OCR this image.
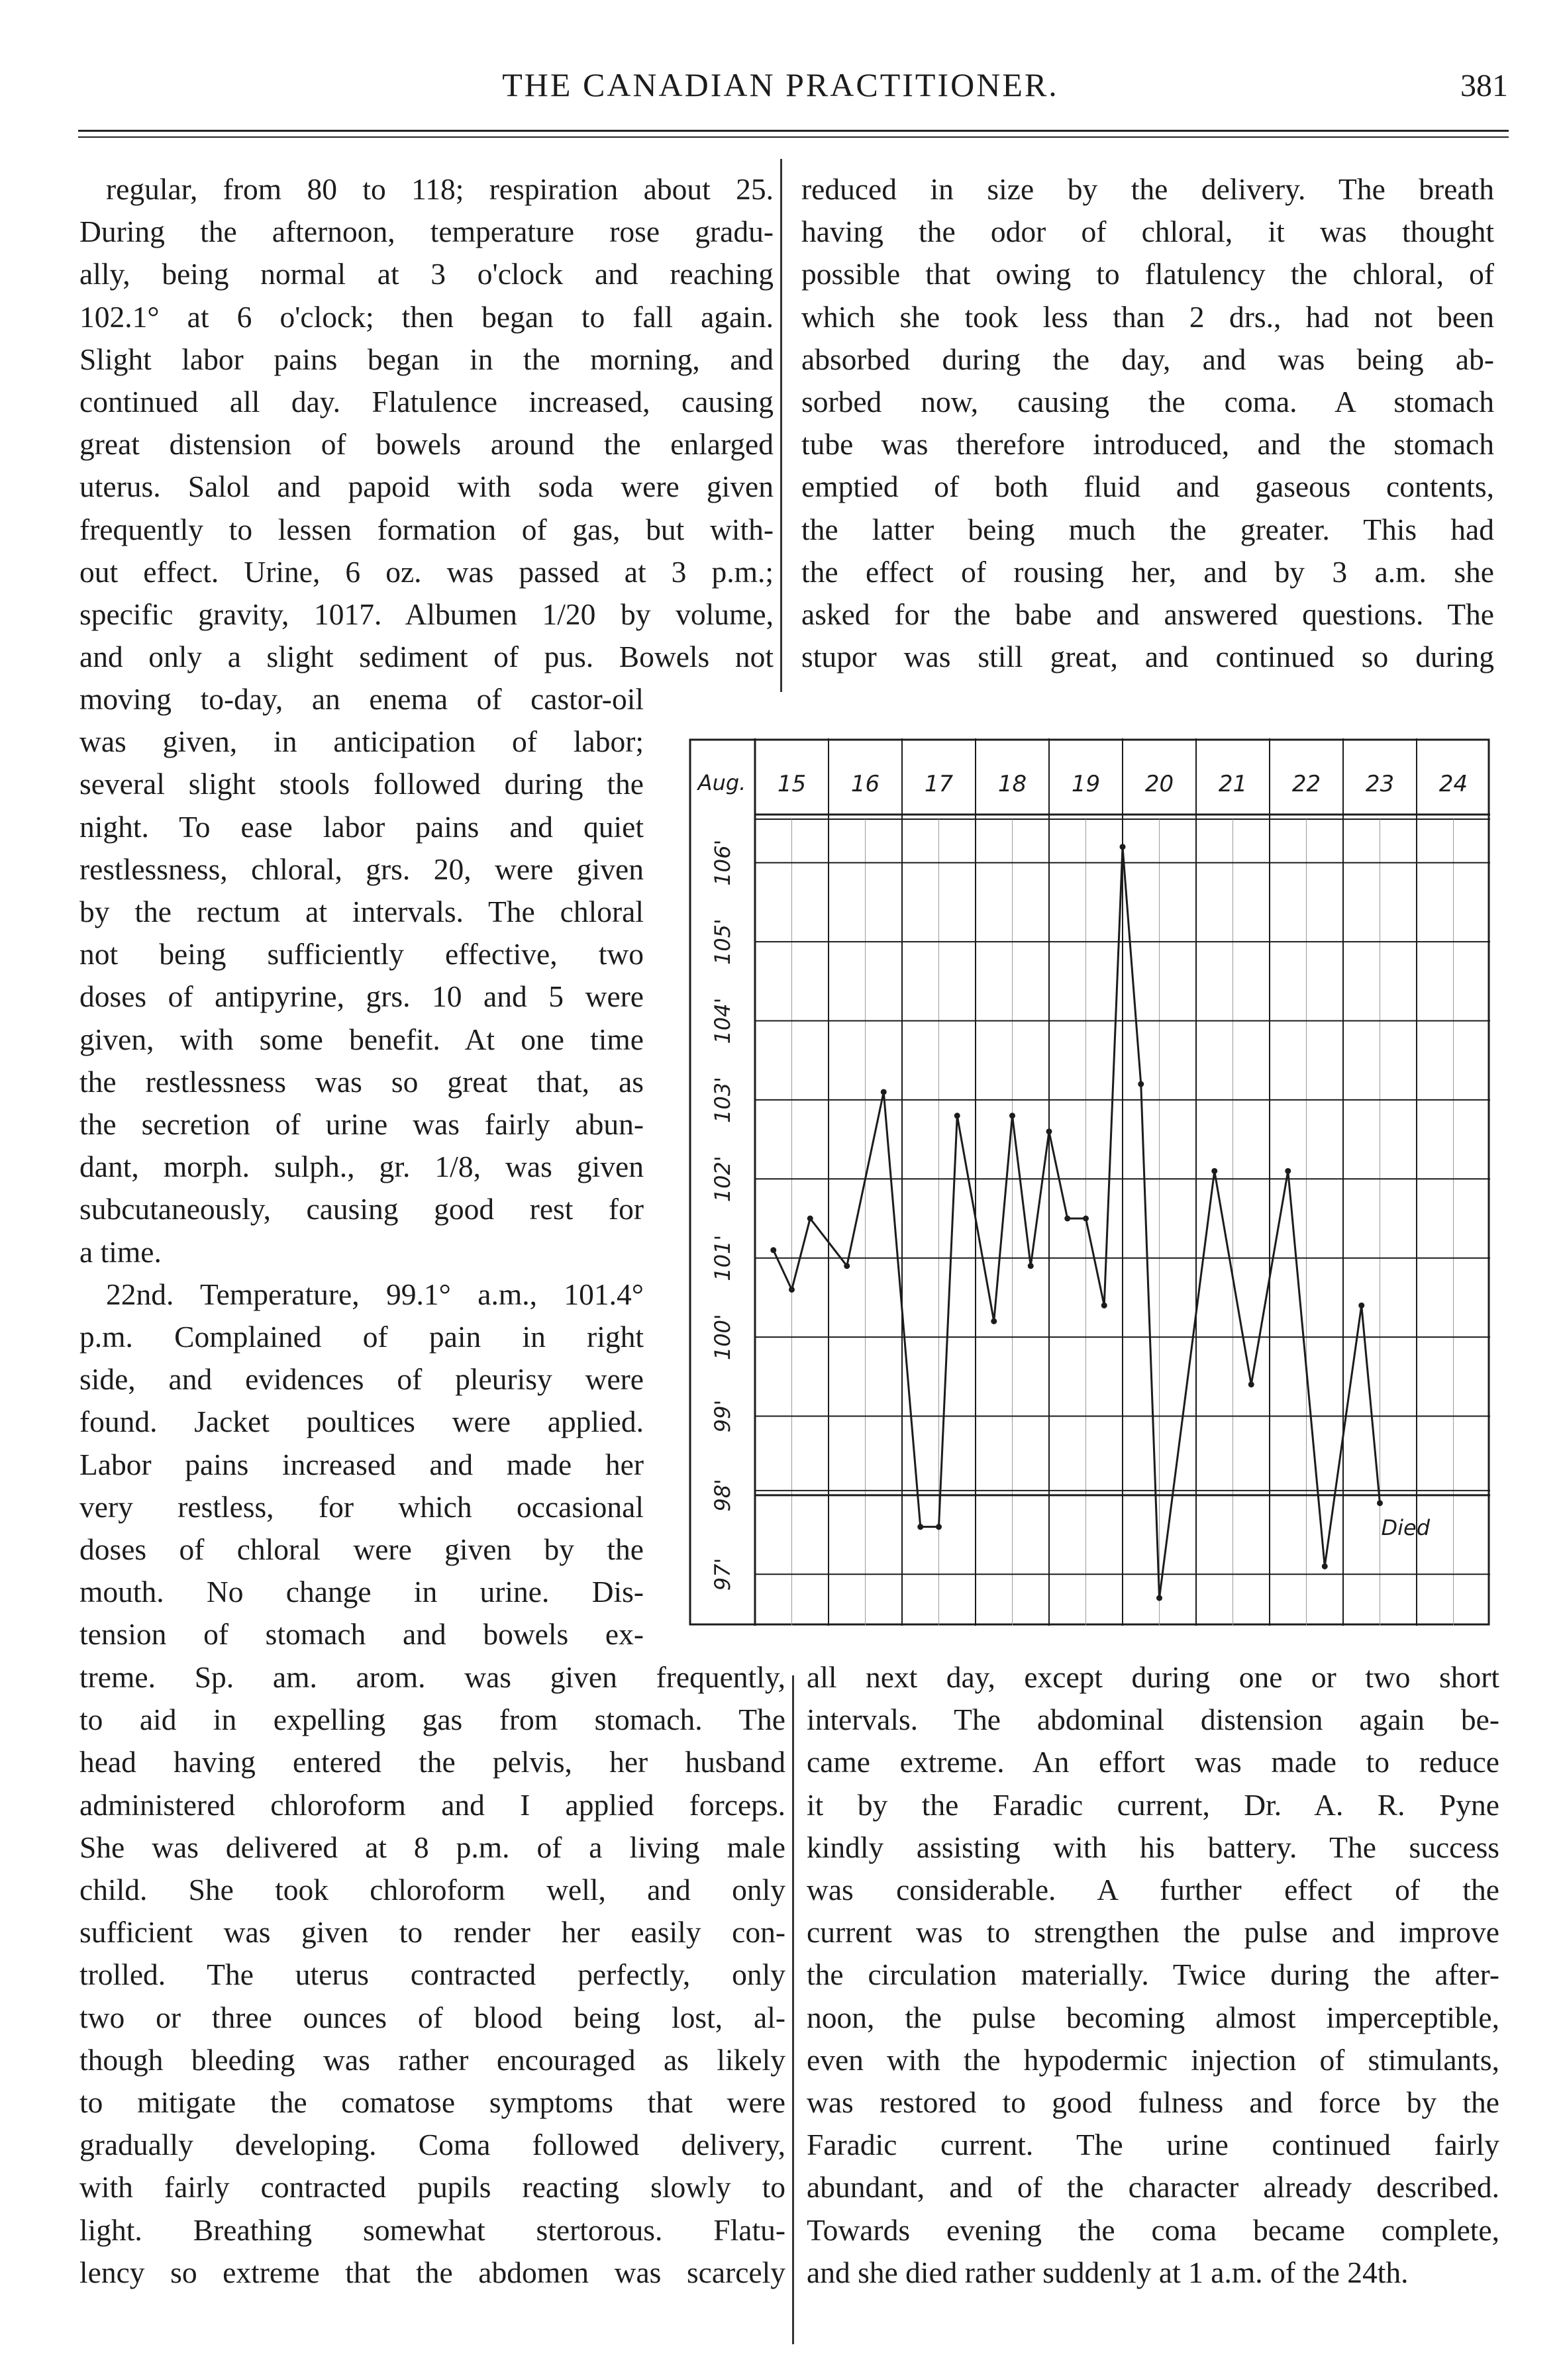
THE CANADIAN PRACTITIONER.	381

regular, from 80 to 118; respiration about 25.

During the afternoon, temperature rose gradu-
ally, being normal at 3 o'clock and reaching
102.1° at 6 o'clock; then began to fall again.
Slight labor pains began in the morning, and
continued all day. Flatulence increased, causing
great distension of bowels around the enlarged
uterus. Salol and papoid with soda were given
frequently to lessen formation of gas, but with-
out effect. Urine, 6 oz. was passed at 3 p.m.;
specific gravity, 1017. Albumen 1/20 by volume,
and only a slight sediment of pus. Bowels not
moving to-day, an enema of castor-oil
was given, in anticipation of labor;
several slight stools followed during the
night. To ease labor pains and quiet
restlessness, chloral, grs. 20, were given
by the rectum at intervals. The chloral
not being sufficiently effective, two
doses of antipyrine, grs. 10 and 5 were
given, with some benefit. At one time
the restlessness was so great that, as
the secretion of urine was fairly abun-
dant, morph. sulph., gr. 1/8, was given
subcutaneously, causing good rest for
a time.
22nd. Temperature, 99.1° a.m., 101.4°
p.m. Complained of pain in right
side, and evidences of pleurisy were
found. Jacket poultices were applied.
Labor pains increased and made her
very restless, for which occasional
doses of chloral were given by the
mouth. No change in urine. Dis-
tension of stomach and bowels ex-
treme. Sp. am. arom. was given frequently,
to aid in expelling gas from stomach. The
head having entered the pelvis, her husband
administered chloroform and I applied forceps.
She was delivered at 8 p.m. of a living male
child. She took chloroform well, and only
sufficient was given to render her easily con-
trolled. The uterus contracted perfectly, only
two or three ounces of blood being lost, al-
though bleeding was rather encouraged as likely
to mitigate the comatose symptoms that were
gradually developing. Coma followed delivery,
with fairly contracted pupils reacting slowly to
light. Breathing somewhat stertorous. Flatu-
lency so extreme that the abdomen was scarcely
reduced in size by the delivery. The breath
having the odor of chloral, it was thought
possible that owing to flatulency the chloral, of
which she took less than 2 drs., had not been
absorbed during the day, and was being ab-
sorbed now, causing the coma. A stomach
tube was therefore introduced, and the stomach
emptied of both fluid and gaseous contents,
the latter being much the greater. This had
the effect of rousing her, and by 3 a.m. she
asked for the babe and answered questions. The
stupor was still great, and continued so during
all next day, except during one or two short
intervals. The abdominal distension again be-
came extreme. An effort was made to reduce
it by the Faradic current, Dr. A. R. Pyne
kindly assisting with his battery. The success
was considerable. A further effect of the
current was to strengthen the pulse and improve
the circulation materially. Twice during the after-
noon, the pulse becoming almost imperceptible,
even with the hypodermic injection of stimulants,
was restored to good fulness and force by the
Faradic current. The urine continued fairly
abundant, and of the character already described.
Towards evening the coma became complete,
and she died rather suddenly at 1 a.m. of the 24th.
15 16 17 18 19 20 21 22 23 24
Aug.
97'
98'
99'
100'
101'
102'
103'
104'
105'
106'
Died
